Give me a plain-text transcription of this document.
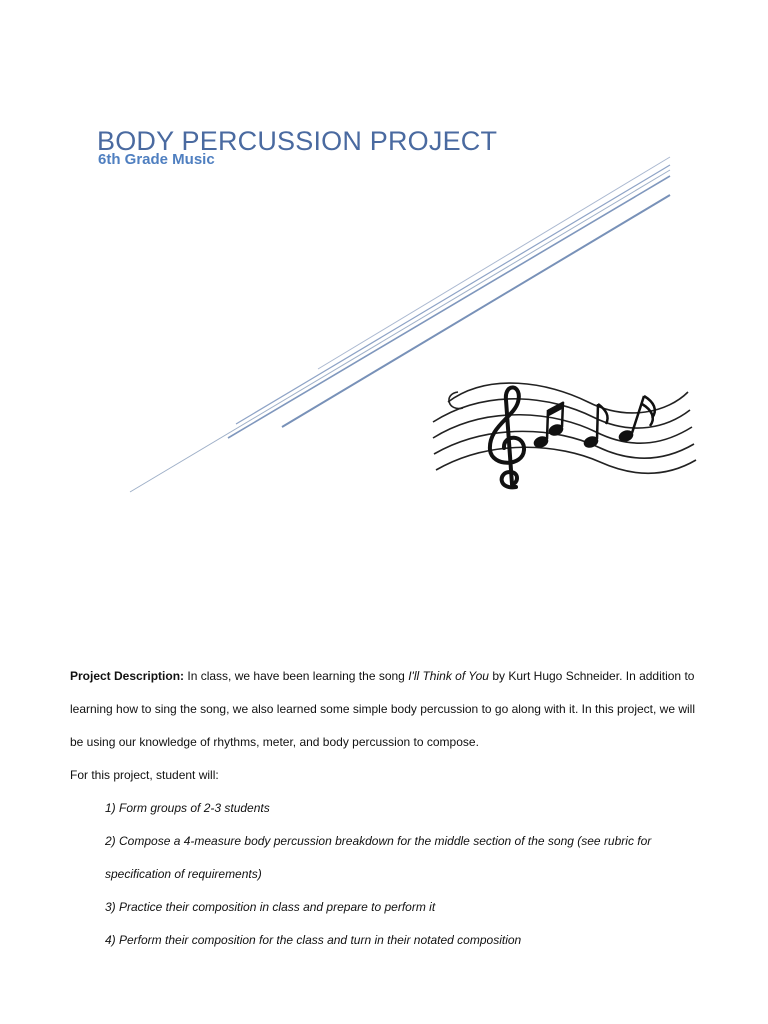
BODY PERCUSSION PROJECT
6th Grade Music

Project Description: In class, we have been learning the song I'll Think of You by Kurt Hugo Schneider. In addition to
learning how to sing the song, we also learned some simple body percussion to go along with it. In this project, we will
be using our knowledge of rhythms, meter, and body percussion to compose.

For this project, student will:

1) Form groups of 2-3 students

2) Compose a 4-measure body percussion breakdown for the middle section of the song (see rubric for

specification of requirements)

3) Practice their composition in class and prepare to perform it

4) Perform their composition for the class and turn in their notated composition
